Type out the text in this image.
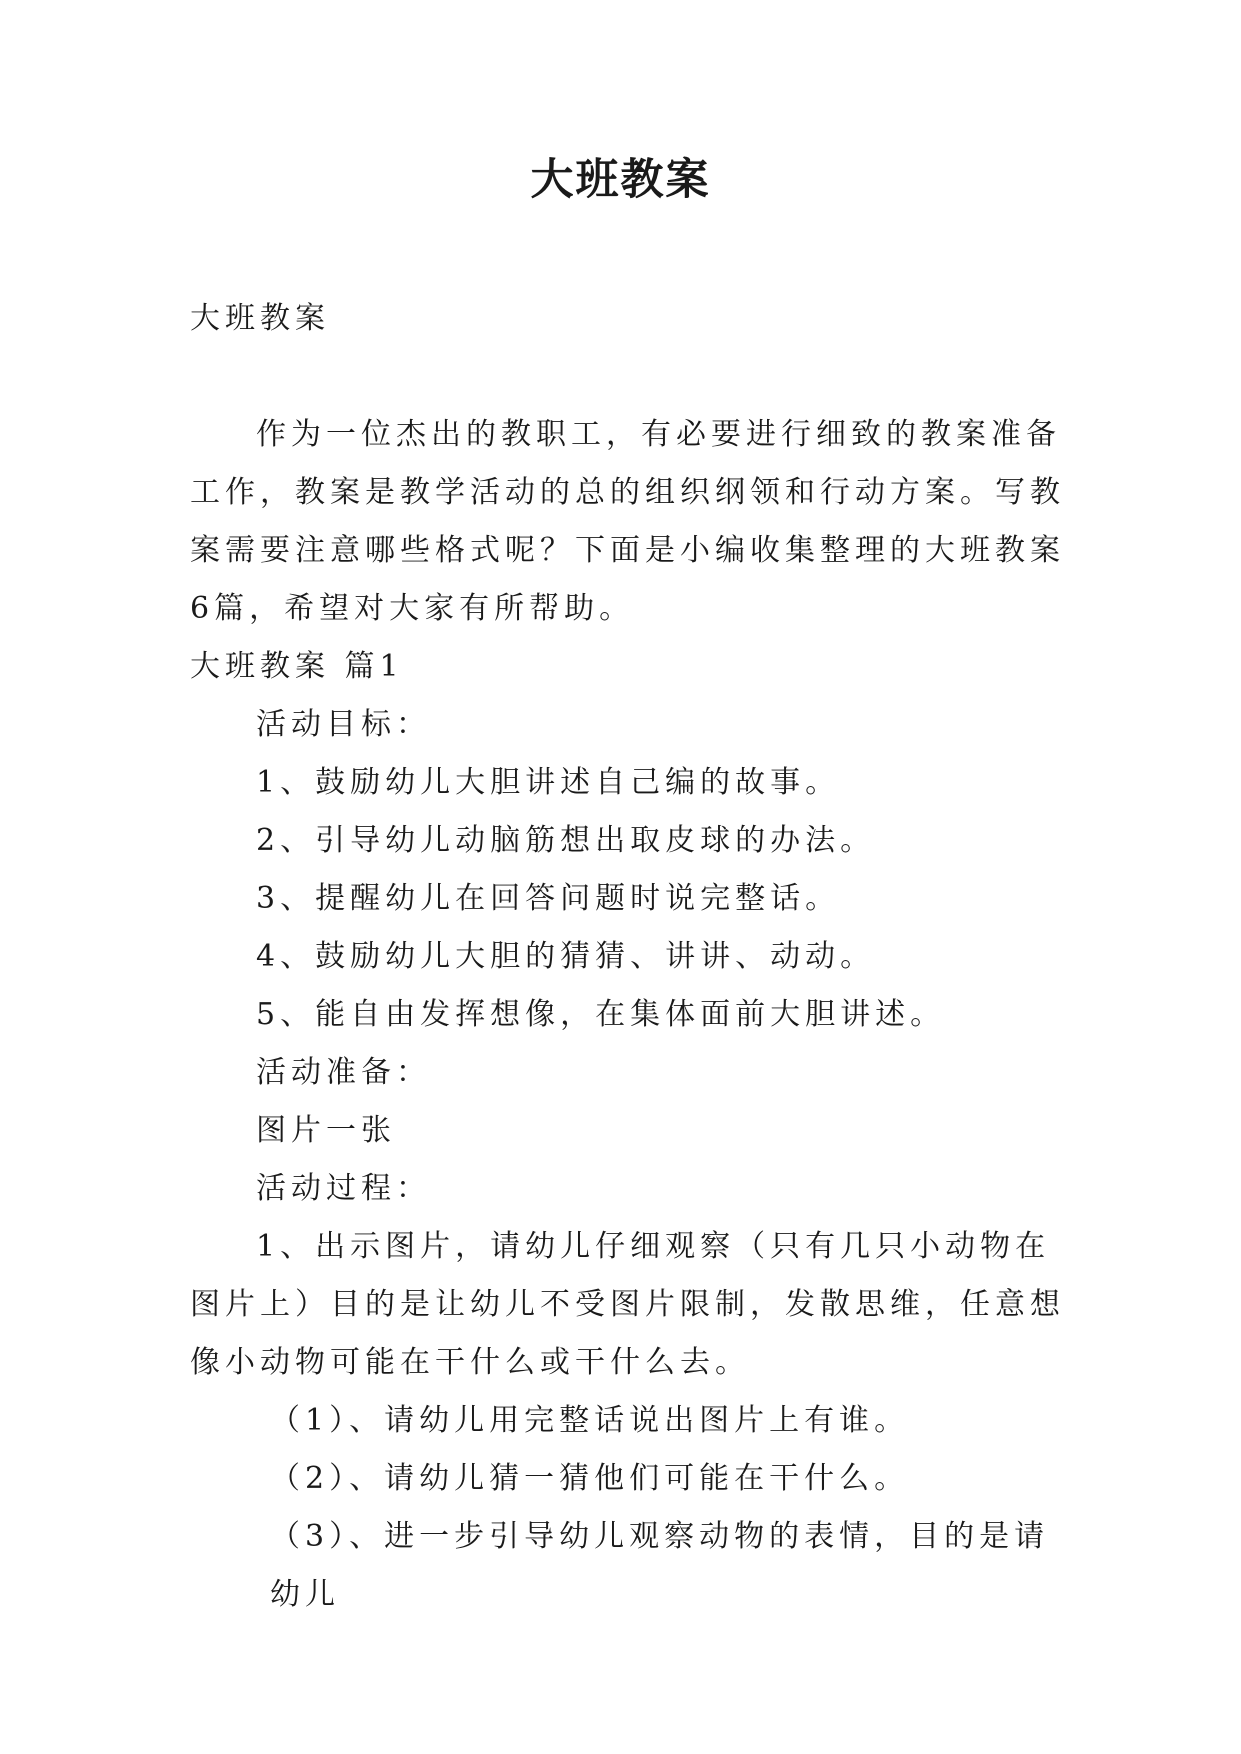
大班教案

大班教案

作为一位杰出的教职工，有必要进行细致的教案准备工作，教案是教学活动的总的组织纲领和行动方案。写教案需要注意哪些格式呢？下面是小编收集整理的大班教案6篇，希望对大家有所帮助。

大班教案 篇1

活动目标：

1、鼓励幼儿大胆讲述自己编的故事。

2、引导幼儿动脑筋想出取皮球的办法。

3、提醒幼儿在回答问题时说完整话。

4、鼓励幼儿大胆的猜猜、讲讲、动动。

5、能自由发挥想像，在集体面前大胆讲述。

活动准备：

图片一张

活动过程：

1、出示图片，请幼儿仔细观察（只有几只小动物在图片上）目的是让幼儿不受图片限制，发散思维，任意想像小动物可能在干什么或干什么去。

（1）、请幼儿用完整话说出图片上有谁。

（2）、请幼儿猜一猜他们可能在干什么。

（3）、进一步引导幼儿观察动物的表情，目的是请幼儿
